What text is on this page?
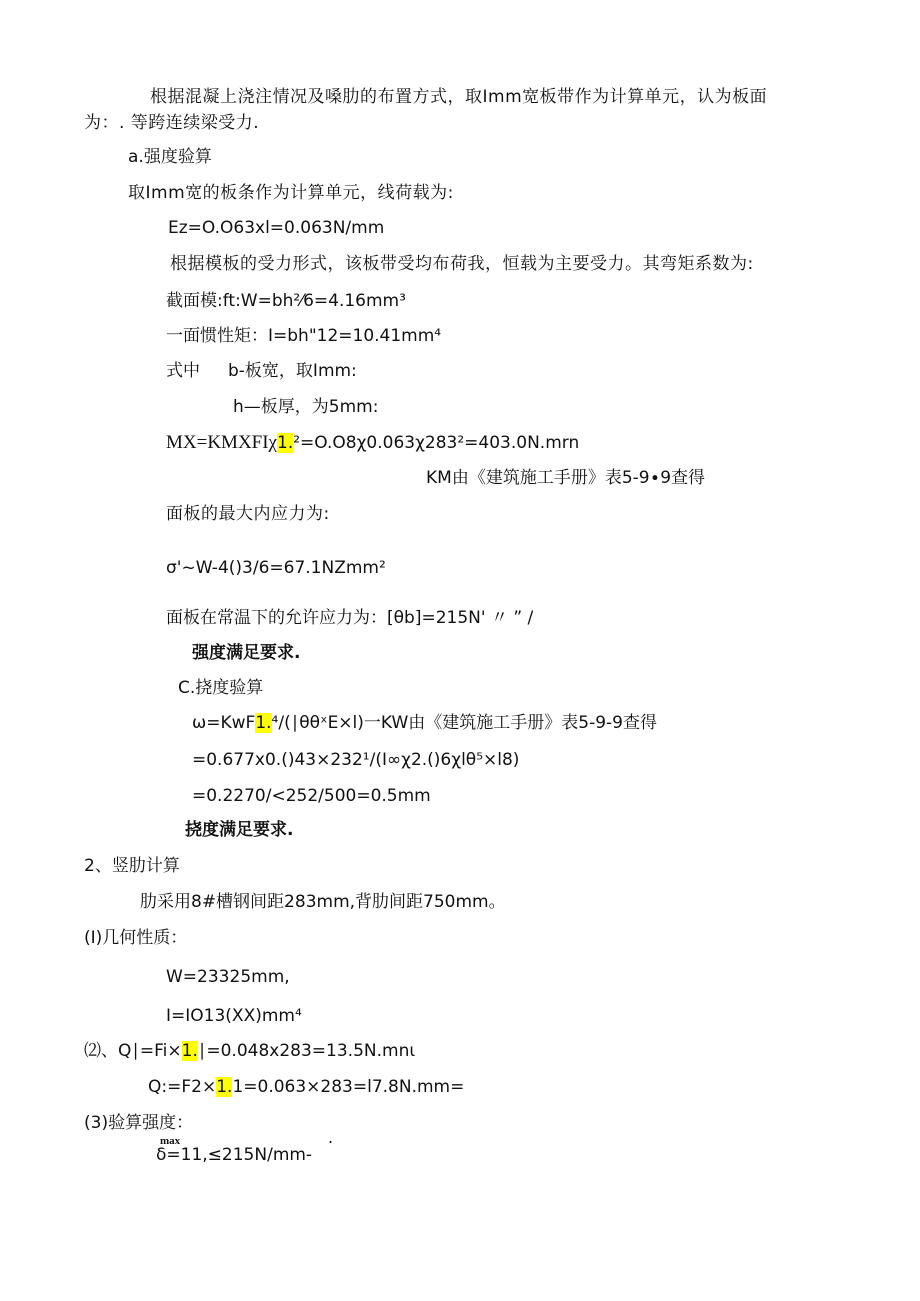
根据混凝上浇注情况及嗓肋的布置方式，取Imm宽板带作为计算单元，认为板面
为：. 等跨连续梁受力.
a.强度验算
取Imm宽的板条作为计算单元，线荷载为:
Ez=O.O63xl=0.063N∕mm
根据模板的受力形式，该板带受均布荷我，恒载为主要受力。其弯矩系数为:
截面模:ft:W=bh²⁄6=4.16mm³
一面惯性矩：I=bh"12=10.41mm⁴
式中 b-板宽，取Imm:
h—板厚，为5mm:
MX=KMXFIχ1.²=O.O8χ0.063χ283²=403.0N.mrn
KM由《建筑施工手册》表5-9∙9查得
面板的最大内应力为:
σ'~W-4()3/6=67.1NZmm²
面板在常温下的允许应力为：[θb]=215N' 〃 ” /
强度满足要求.
C.挠度验算
ω=KwF1.⁴/(∣θθˣE×l)一KW由《建筑施工手册》表5-9-9查得
=0.677x0.()43×232¹/(I∞χ2.()6χlθ⁵×l8)
=0.2270∕<252∕500=0.5mm
挠度满足要求.
2、竖肋计算
肋采用8#槽钢间距283mm,背肋间距750mm。
(I)几何性质：
W=23325mm,
I=IO13(XX)mm⁴
⑵、Q∣=Fi×1.∣=0.048x283=13.5N.mnι
Q:=F2×1.1=0.063×283=l7.8N.mm=
(3)验算强度：
max
δ=11,≤215N/mm-
.
